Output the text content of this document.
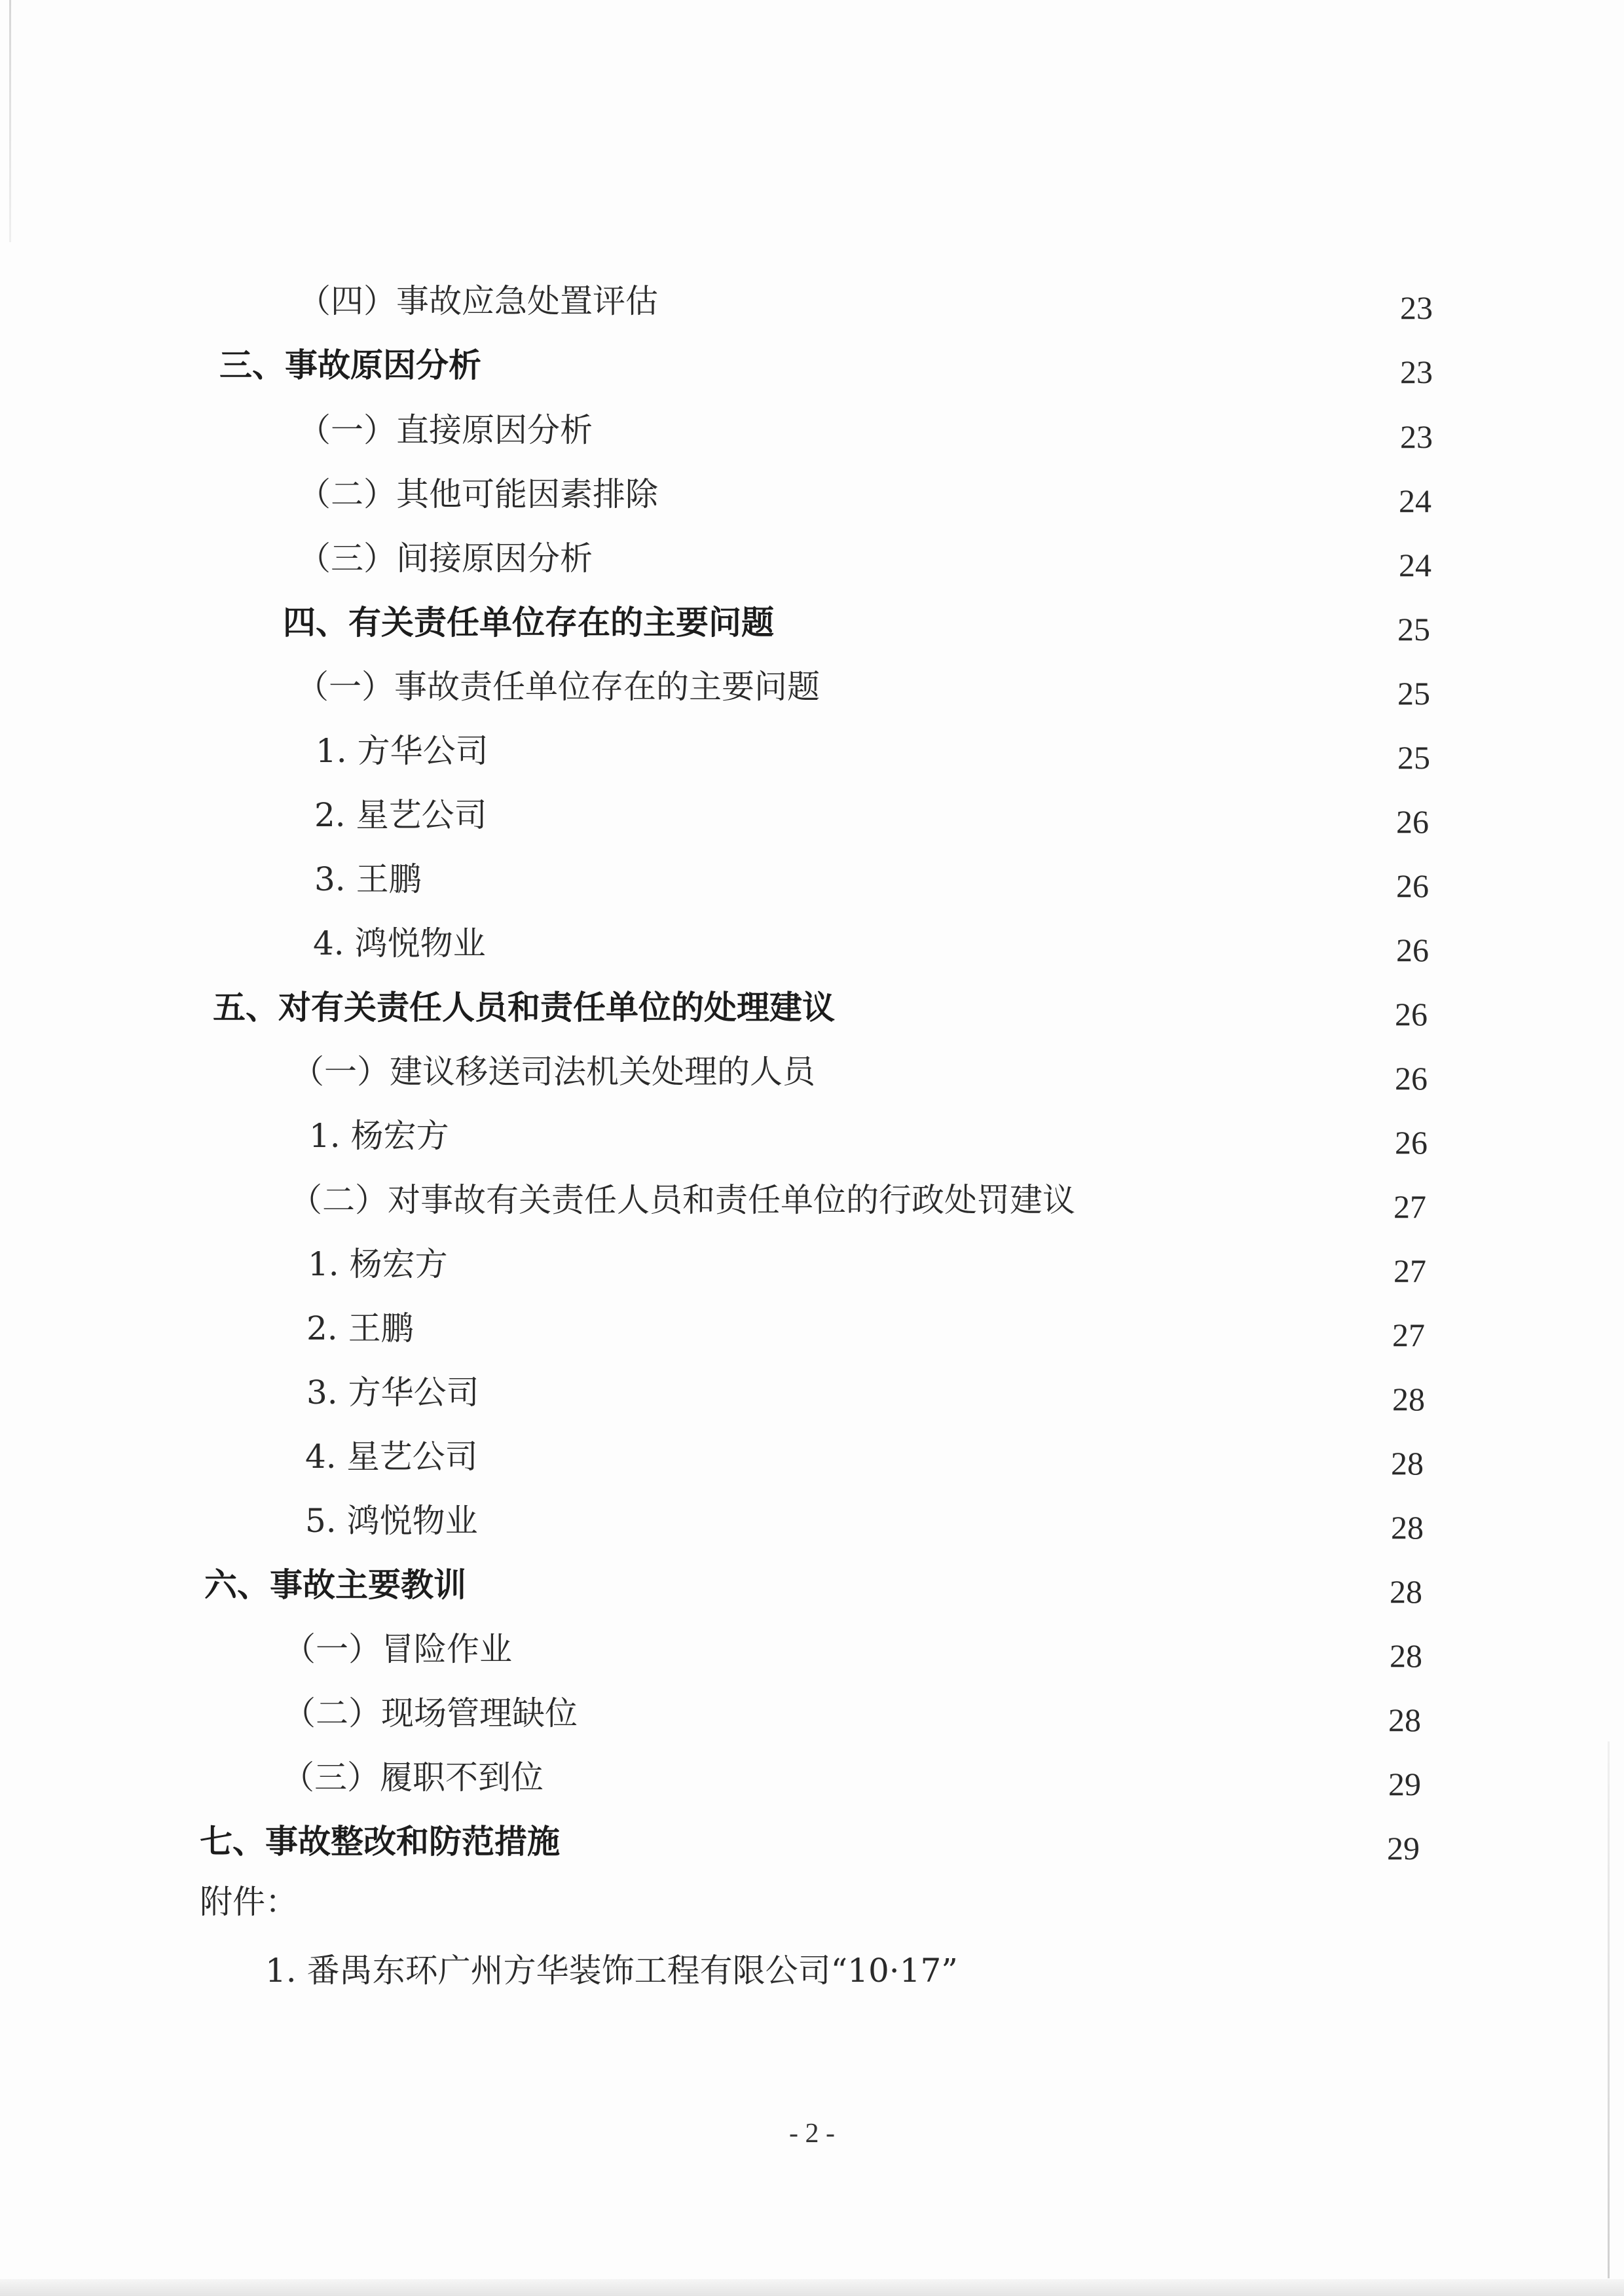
（四）事故应急处置评估	23
三、事故原因分析	23
（一）直接原因分析	23
（二）其他可能因素排除	24
（三）间接原因分析	24
四、有关责任单位存在的主要问题	25
（一）事故责任单位存在的主要问题	25
1. 方华公司	25
2. 星艺公司	26
3. 王鹏	26
4. 鸿悦物业	26
五、对有关责任人员和责任单位的处理建议	26
（一）建议移送司法机关处理的人员	26
1. 杨宏方	26
（二）对事故有关责任人员和责任单位的行政处罚建议	27
1. 杨宏方	27
2. 王鹏	27
3. 方华公司	28
4. 星艺公司	28
5. 鸿悦物业	28
六、事故主要教训	28
（一）冒险作业	28
（二）现场管理缺位	28
（三）履职不到位	29
七、事故整改和防范措施	29
附件：
1. 番禺东环广州方华装饰工程有限公司“10·17”
- 2 -
